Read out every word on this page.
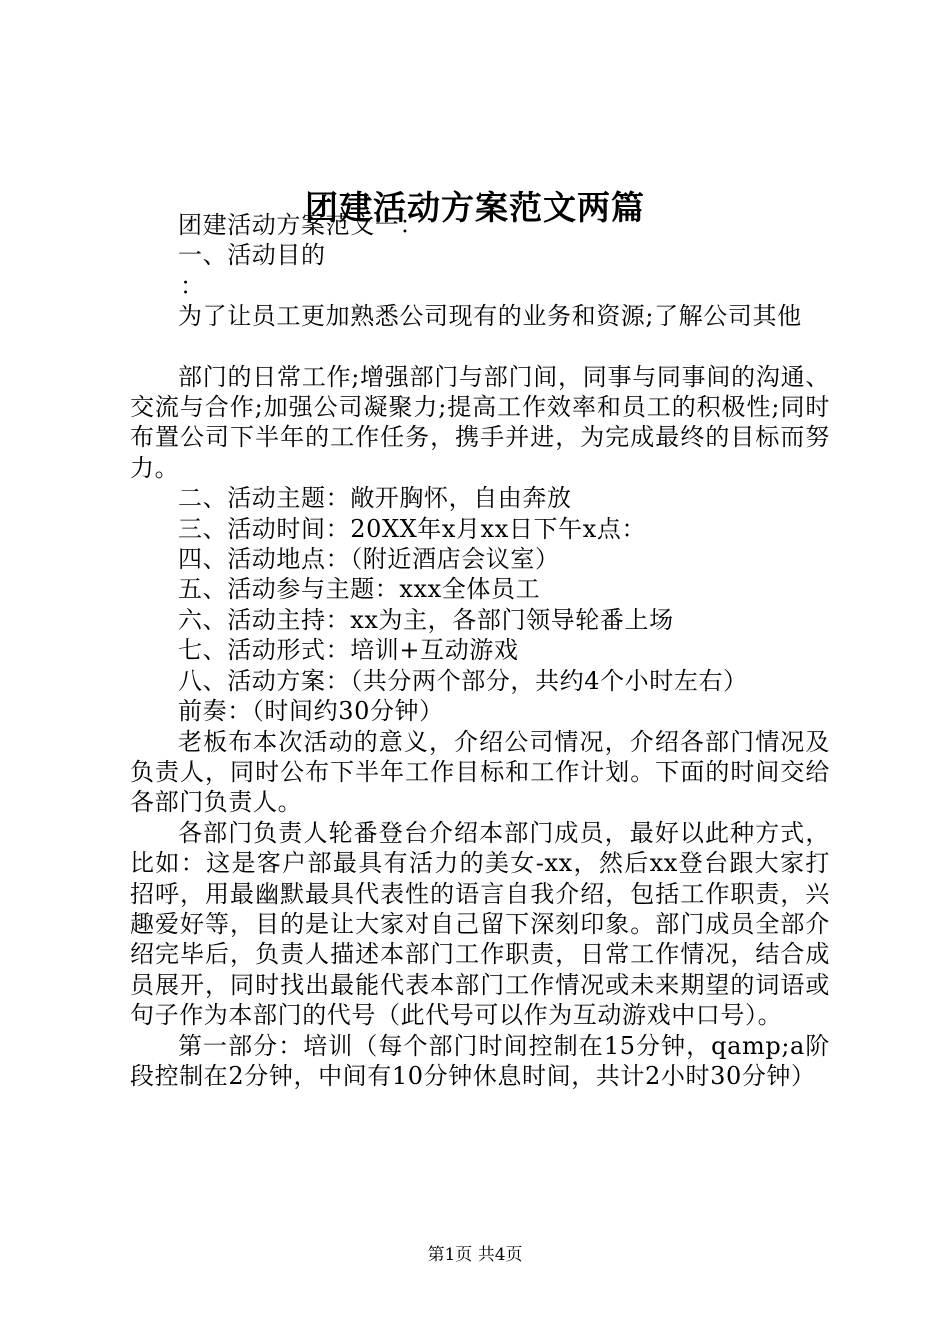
团建活动方案范文两篇

团建活动方案范文一：

一、活动目的

：

为了让员工更加熟悉公司现有的业务和资源;了解公司其他

部门的日常工作;增强部门与部门间，同事与同事间的沟通、交流与合作;加强公司凝聚力;提高工作效率和员工的积极性;同时布置公司下半年的工作任务，携手并进，为完成最终的目标而努力。

二、活动主题：敞开胸怀，自由奔放

三、活动时间：20XX年x月xx日下午x点：

四、活动地点：（附近酒店会议室）

五、活动参与主题：xxx全体员工

六、活动主持：xx为主，各部门领导轮番上场

七、活动形式：培训+互动游戏

八、活动方案：（共分两个部分，共约4个小时左右）

前奏：（时间约30分钟）

老板布本次活动的意义，介绍公司情况，介绍各部门情况及负责人，同时公布下半年工作目标和工作计划。下面的时间交给各部门负责人。

各部门负责人轮番登台介绍本部门成员，最好以此种方式，比如：这是客户部最具有活力的美女-xx，然后xx登台跟大家打招呼，用最幽默最具代表性的语言自我介绍，包括工作职责，兴趣爱好等，目的是让大家对自己留下深刻印象。部门成员全部介绍完毕后，负责人描述本部门工作职责，日常工作情况，结合成员展开，同时找出最能代表本部门工作情况或未来期望的词语或句子作为本部门的代号（此代号可以作为互动游戏中口号）。

第一部分：培训（每个部门时间控制在15分钟，qamp;a阶段控制在2分钟，中间有10分钟休息时间，共计2小时30分钟）

第1页 共4页
